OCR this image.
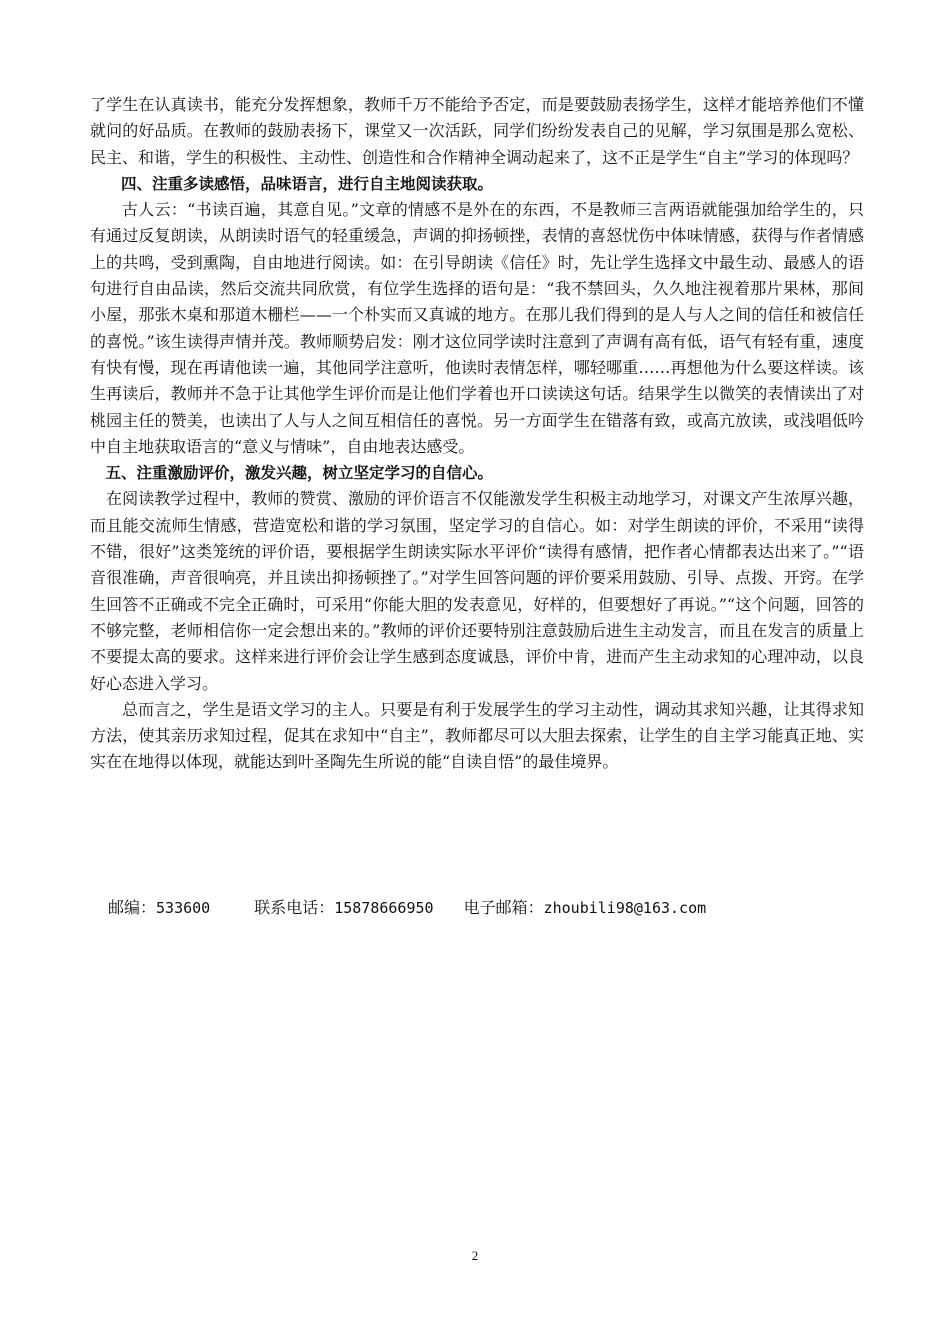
了学生在认真读书，能充分发挥想象，教师千万不能给予否定，而是要鼓励表扬学生，这样才能培养他们不懂就问的好品质。在教师的鼓励表扬下，课堂又一次活跃，同学们纷纷发表自己的见解，学习氛围是那么宽松、民主、和谐，学生的积极性、主动性、创造性和合作精神全调动起来了，这不正是学生“自主”学习的体现吗？

四、注重多读感悟，品味语言，进行自主地阅读获取。

古人云：“书读百遍，其意自见。”文章的情感不是外在的东西，不是教师三言两语就能强加给学生的，只有通过反复朗读，从朗读时语气的轻重缓急，声调的抑扬顿挫，表情的喜怒忧伤中体味情感，获得与作者情感上的共鸣，受到熏陶，自由地进行阅读。如：在引导朗读《信任》时，先让学生选择文中最生动、最感人的语句进行自由品读，然后交流共同欣赏，有位学生选择的语句是：“我不禁回头，久久地注视着那片果林，那间小屋，那张木桌和那道木栅栏——一个朴实而又真诚的地方。在那儿我们得到的是人与人之间的信任和被信任的喜悦。”该生读得声情并茂。教师顺势启发：刚才这位同学读时注意到了声调有高有低，语气有轻有重，速度有快有慢，现在再请他读一遍，其他同学注意听，他读时表情怎样，哪轻哪重……再想他为什么要这样读。该生再读后，教师并不急于让其他学生评价而是让他们学着也开口读读这句话。结果学生以微笑的表情读出了对桃园主任的赞美，也读出了人与人之间互相信任的喜悦。另一方面学生在错落有致，或高亢放读，或浅唱低吟中自主地获取语言的“意义与情味”，自由地表达感受。

五、注重激励评价，激发兴趣，树立坚定学习的自信心。

在阅读教学过程中，教师的赞赏、激励的评价语言不仅能激发学生积极主动地学习，对课文产生浓厚兴趣，而且能交流师生情感，营造宽松和谐的学习氛围，坚定学习的自信心。如：对学生朗读的评价，不采用“读得不错，很好”这类笼统的评价语，要根据学生朗读实际水平评价“读得有感情，把作者心情都表达出来了。”“语音很准确，声音很响亮，并且读出抑扬顿挫了。”对学生回答问题的评价要采用鼓励、引导、点拨、开窍。在学生回答不正确或不完全正确时，可采用“你能大胆的发表意见，好样的，但要想好了再说。”“这个问题，回答的不够完整，老师相信你一定会想出来的。”教师的评价还要特别注意鼓励后进生主动发言，而且在发言的质量上不要提太高的要求。这样来进行评价会让学生感到态度诚恳，评价中肯，进而产生主动求知的心理冲动，以良好心态进入学习。

总而言之，学生是语文学习的主人。只要是有利于发展学生的学习主动性，调动其求知兴趣，让其得求知方法，使其亲历求知过程，促其在求知中“自主”，教师都尽可以大胆去探索，让学生的自主学习能真正地、实实在在地得以体现，就能达到叶圣陶先生所说的能“自读自悟”的最佳境界。

邮编：533600	联系电话：15878666950 电子邮箱：zhoubili98@163.com
2
